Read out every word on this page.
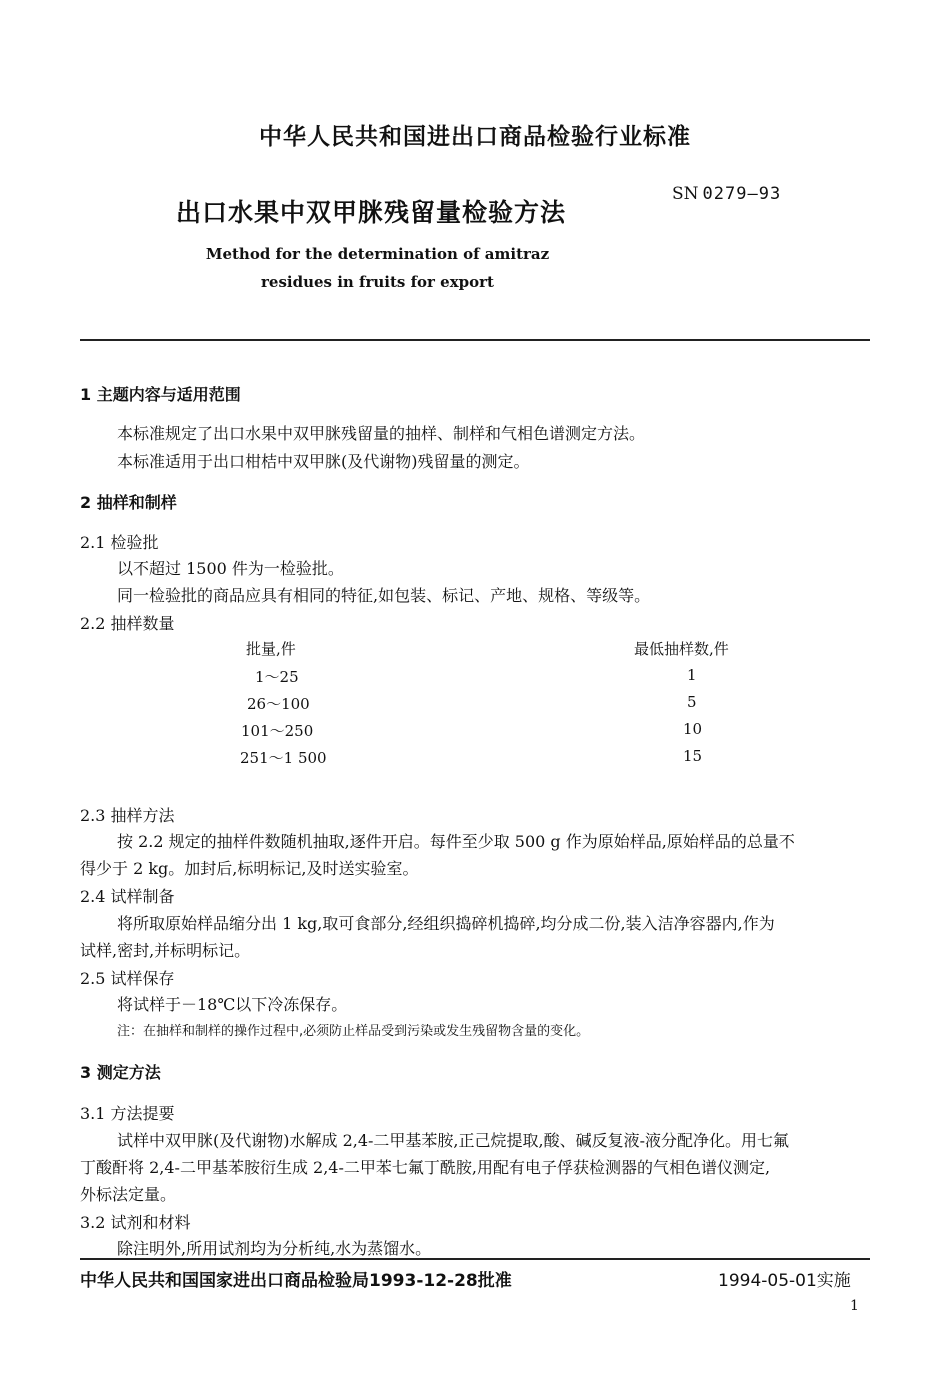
中华人民共和国进出口商品检验行业标准
出口水果中双甲脒残留量检验方法
SN 0279—93
Method for the determination of amitraz
residues in fruits for export
1 主题内容与适用范围
本标准规定了出口水果中双甲脒残留量的抽样、制样和气相色谱测定方法。
本标准适用于出口柑桔中双甲脒(及代谢物)残留量的测定。
2 抽样和制样
2.1 检验批
以不超过 1500 件为一检验批。
同一检验批的商品应具有相同的特征,如包装、标记、产地、规格、等级等。
2.2 抽样数量
批量,件	最低抽样数,件
1～25	1
26～100	5
101～250	10
251～1 500	15
2.3 抽样方法
按 2.2 规定的抽样件数随机抽取,逐件开启。每件至少取 500 g 作为原始样品,原始样品的总量不
得少于 2 kg。加封后,标明标记,及时送实验室。
2.4 试样制备
将所取原始样品缩分出 1 kg,取可食部分,经组织捣碎机捣碎,均分成二份,装入洁净容器内,作为
试样,密封,并标明标记。
2.5 试样保存
将试样于－18℃以下冷冻保存。
注：在抽样和制样的操作过程中,必须防止样品受到污染或发生残留物含量的变化。
3 测定方法
3.1 方法提要
试样中双甲脒(及代谢物)水解成 2,4-二甲基苯胺,正己烷提取,酸、碱反复液-液分配净化。用七氟
丁酸酐将 2,4-二甲基苯胺衍生成 2,4-二甲苯七氟丁酰胺,用配有电子俘获检测器的气相色谱仪测定,
外标法定量。
3.2 试剂和材料
除注明外,所用试剂均为分析纯,水为蒸馏水。
中华人民共和国国家进出口商品检验局1993-12-28批准	1994-05-01实施
1
